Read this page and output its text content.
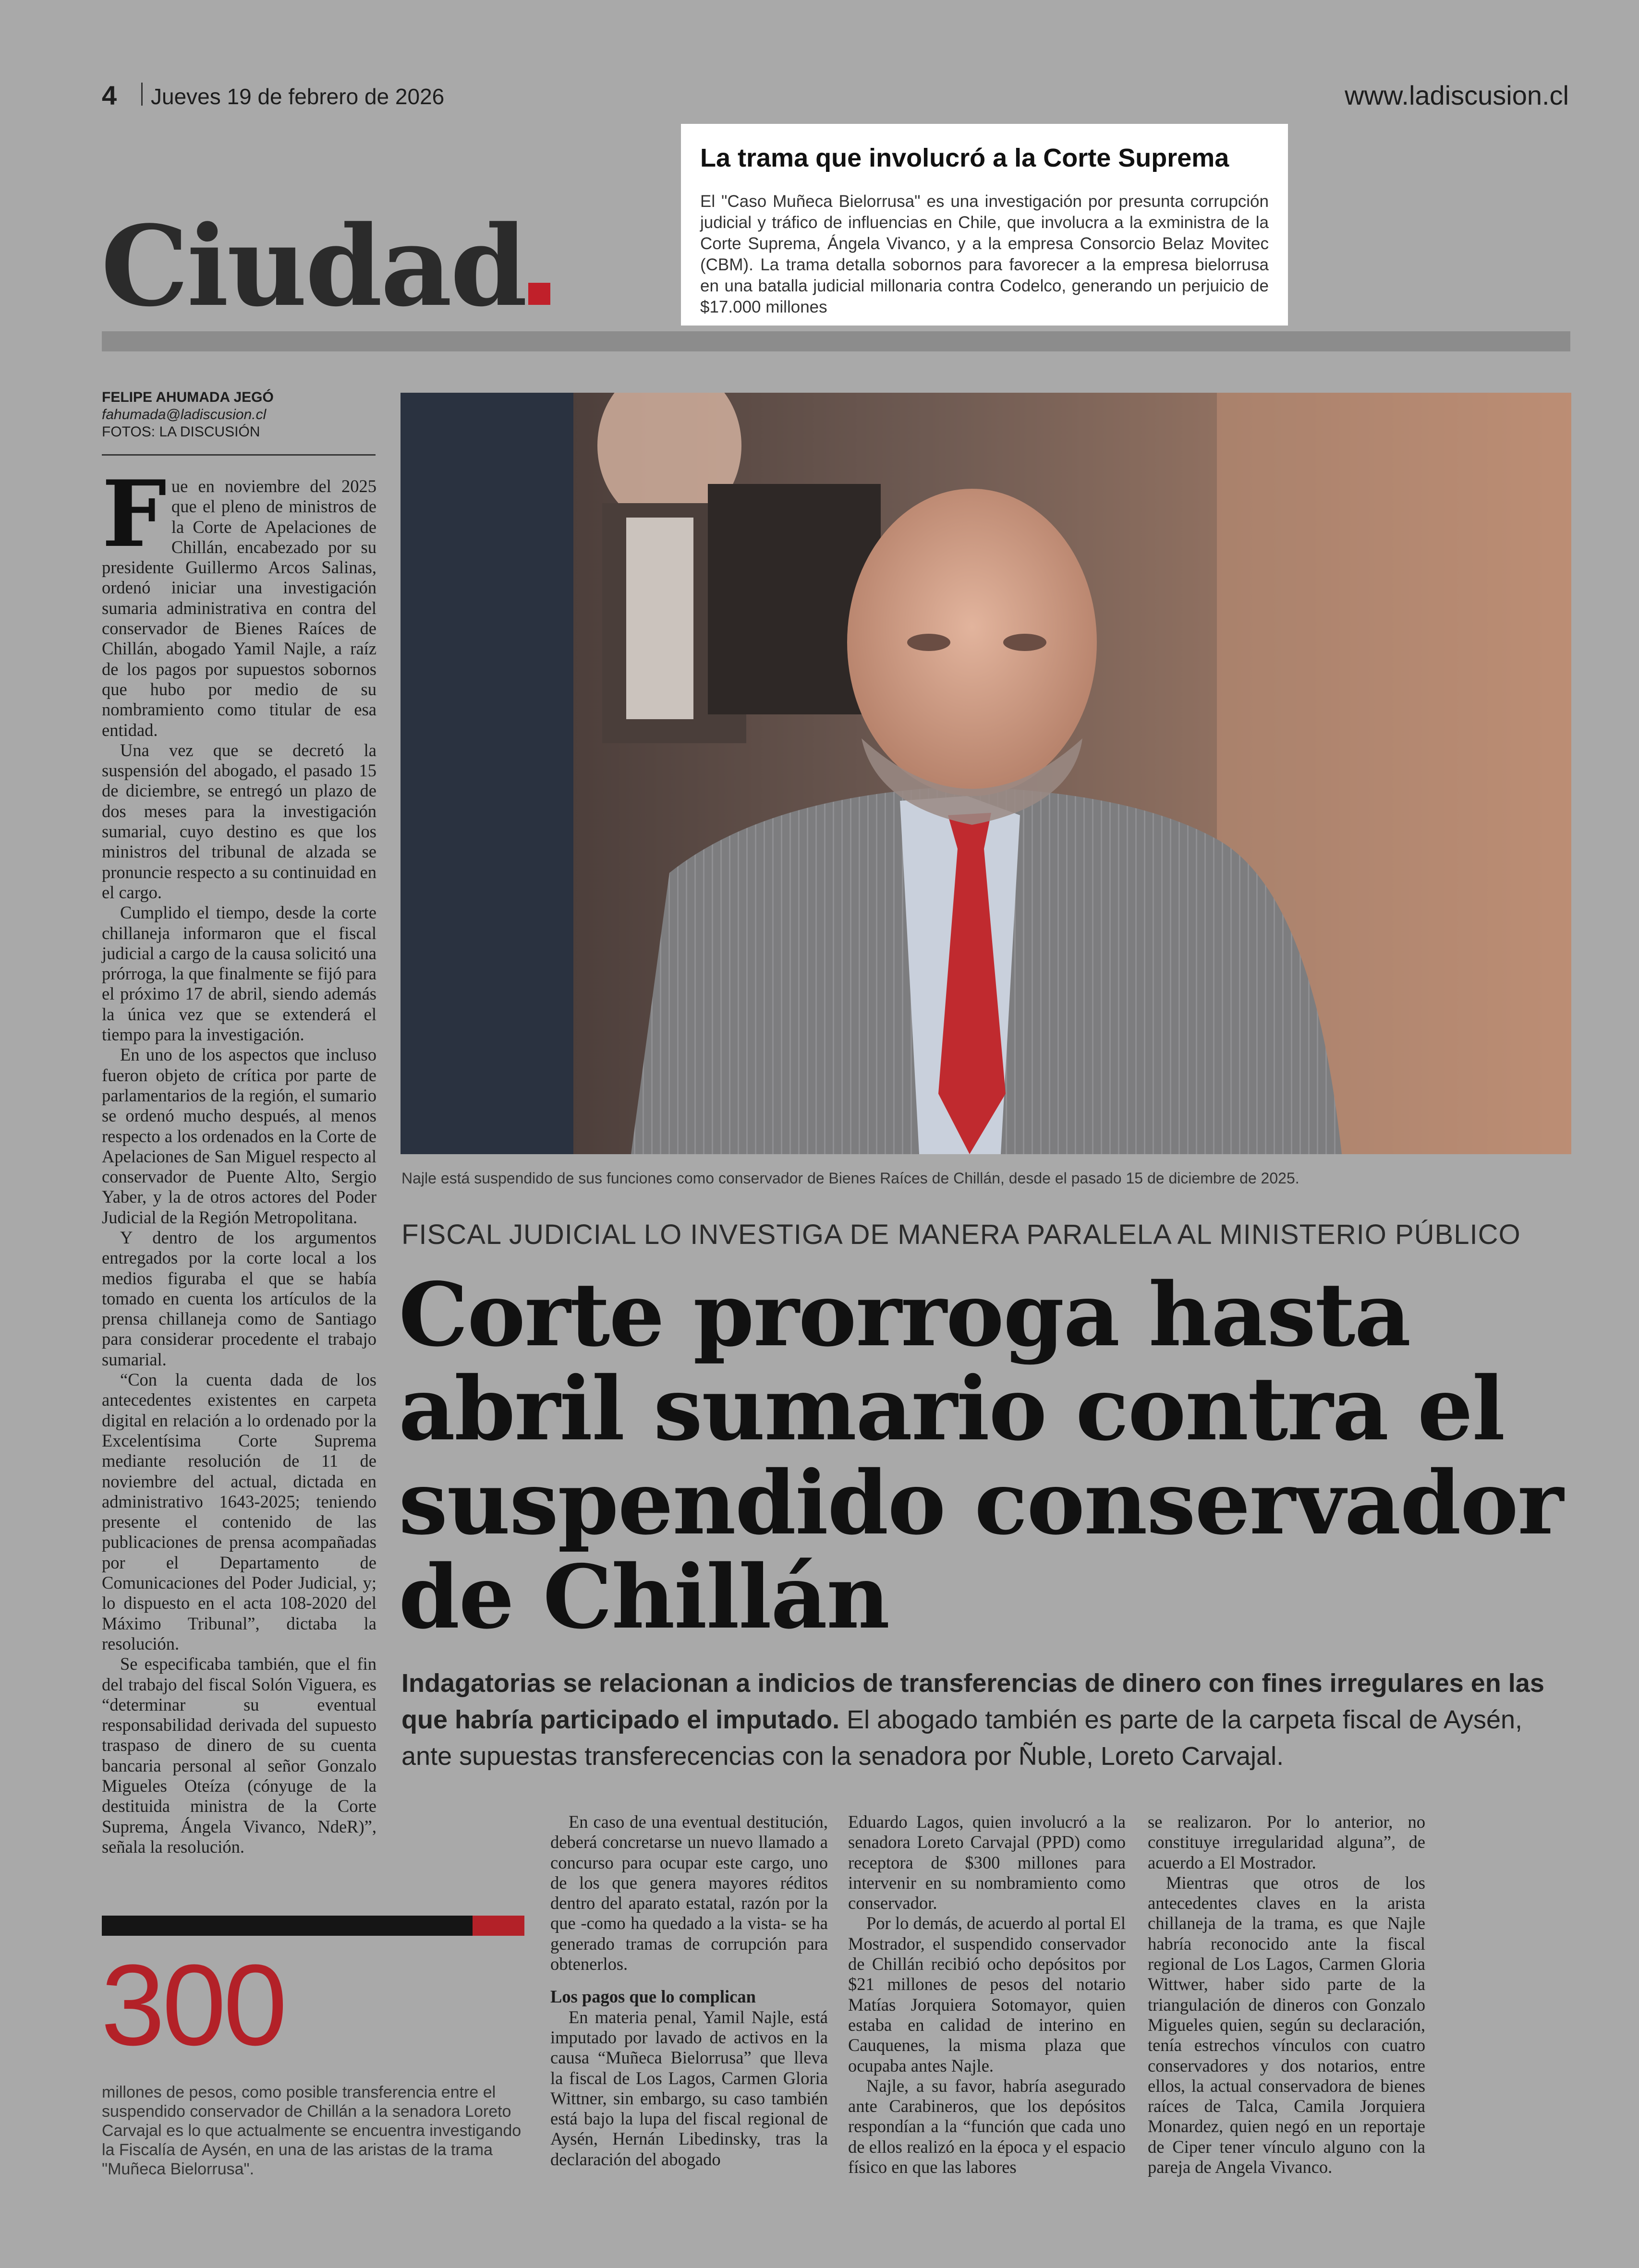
4 Jueves 19 de febrero de 2026	www.ladiscusion.cl
Ciudad
La trama que involucró a la Corte Suprema

El "Caso Muñeca Bielorrusa" es una investigación por presunta corrupción judicial y tráfico de influencias en Chile, que involucra a la exministra de la Corte Suprema, Ángela Vivanco, y a la empresa Consorcio Belaz Movitec (CBM). La trama detalla sobornos para favorecer a la empresa bielorrusa en una batalla judicial millonaria contra Codelco, generando un perjuicio de $17.000 millones

FELIPE AHUMADA JEGÓ
fahumada@ladiscusion.cl
FOTOS: LA DISCUSIÓN

Fue en noviembre del 2025 que el pleno de ministros de la Corte de Apelaciones de Chillán, encabezado por su presidente Guillermo Arcos Salinas, ordenó iniciar una investigación sumaria administrativa en contra del conservador de Bienes Raíces de Chillán, abogado Yamil Najle, a raíz de los pagos por supuestos sobornos que hubo por medio de su nombramiento como titular de esa entidad.

Una vez que se decretó la suspensión del abogado, el pasado 15 de diciembre, se entregó un plazo de dos meses para la investigación sumarial, cuyo destino es que los ministros del tribunal de alzada se pronuncie respecto a su continuidad en el cargo.

Cumplido el tiempo, desde la corte chillaneja informaron que el fiscal judicial a cargo de la causa solicitó una prórroga, la que finalmente se fijó para el próximo 17 de abril, siendo además la única vez que se extenderá el tiempo para la investigación.

En uno de los aspectos que incluso fueron objeto de crítica por parte de parlamentarios de la región, el sumario se ordenó mucho después, al menos respecto a los ordenados en la Corte de Apelaciones de San Miguel respecto al conservador de Puente Alto, Sergio Yaber, y la de otros actores del Poder Judicial de la Región Metropolitana.

Y dentro de los argumentos entregados por la corte local a los medios figuraba el que se había tomado en cuenta los artículos de la prensa chillaneja como de Santiago para considerar procedente el trabajo sumarial.

“Con la cuenta dada de los antecedentes existentes en carpeta digital en relación a lo ordenado por la Excelentísima Corte Suprema mediante resolución de 11 de noviembre del actual, dictada en administrativo 1643-2025; teniendo presente el contenido de las publicaciones de prensa acompañadas por el Departamento de Comunicaciones del Poder Judicial, y; lo dispuesto en el acta 108-2020 del Máximo Tribunal”, dictaba la resolución.

Se especificaba también, que el fin del trabajo del fiscal Solón Viguera, es “determinar su eventual responsabilidad derivada del supuesto traspaso de dinero de su cuenta bancaria personal al señor Gonzalo Migueles Oteíza (cónyuge de la destituida ministra de la Corte Suprema, Ángela Vivanco, NdeR)”, señala la resolución.

300
millones de pesos, como posible transferencia entre el suspendido conservador de Chillán a la senadora Loreto Carvajal es lo que actualmente se encuentra investigando la Fiscalía de Aysén, en una de las aristas de la trama "Muñeca Bielorrusa".
Najle está suspendido de sus funciones como conservador de Bienes Raíces de Chillán, desde el pasado 15 de diciembre de 2025.
FISCAL JUDICIAL LO INVESTIGA DE MANERA PARALELA AL MINISTERIO PÚBLICO
Corte prorroga hasta abril sumario contra el suspendido conservador de Chillán

Indagatorias se relacionan a indicios de transferencias de dinero con fines irregulares en las que habría participado el imputado. El abogado también es parte de la carpeta fiscal de Aysén, ante supuestas transferecencias con la senadora por Ñuble, Loreto Carvajal.

En caso de una eventual destitución, deberá concretarse un nuevo llamado a concurso para ocupar este cargo, uno de los que genera mayores réditos dentro del aparato estatal, razón por la que -como ha quedado a la vista- se ha generado tramas de corrupción para obtenerlos.

Los pagos que lo complican

En materia penal, Yamil Najle, está imputado por lavado de activos en la causa “Muñeca Bielorrusa” que lleva la fiscal de Los Lagos, Carmen Gloria Wittner, sin embargo, su caso también está bajo la lupa del fiscal regional de Aysén, Hernán Libedinsky, tras la declaración del abogado

Eduardo Lagos, quien involucró a la senadora Loreto Carvajal (PPD) como receptora de $300 millones para intervenir en su nombramiento como conservador.

Por lo demás, de acuerdo al portal El Mostrador, el suspendido conservador de Chillán recibió ocho depósitos por $21 millones de pesos del notario Matías Jorquiera Sotomayor, quien estaba en calidad de interino en Cauquenes, la misma plaza que ocupaba antes Najle.

Najle, a su favor, habría asegurado ante Carabineros, que los depósitos respondían a la “función que cada uno de ellos realizó en la época y el espacio físico en que las labores

se realizaron. Por lo anterior, no constituye irregularidad alguna”, de acuerdo a El Mostrador.

Mientras que otros de los antecedentes claves en la arista chillaneja de la trama, es que Najle habría reconocido ante la fiscal regional de Los Lagos, Carmen Gloria Wittwer, haber sido parte de la triangulación de dineros con Gonzalo Migueles quien, según su declaración, tenía estrechos vínculos con cuatro conservadores y dos notarios, entre ellos, la actual conservadora de bienes raíces de Talca, Camila Jorquiera Monardez, quien negó en un reportaje de Ciper tener vínculo alguno con la pareja de Angela Vivanco.
